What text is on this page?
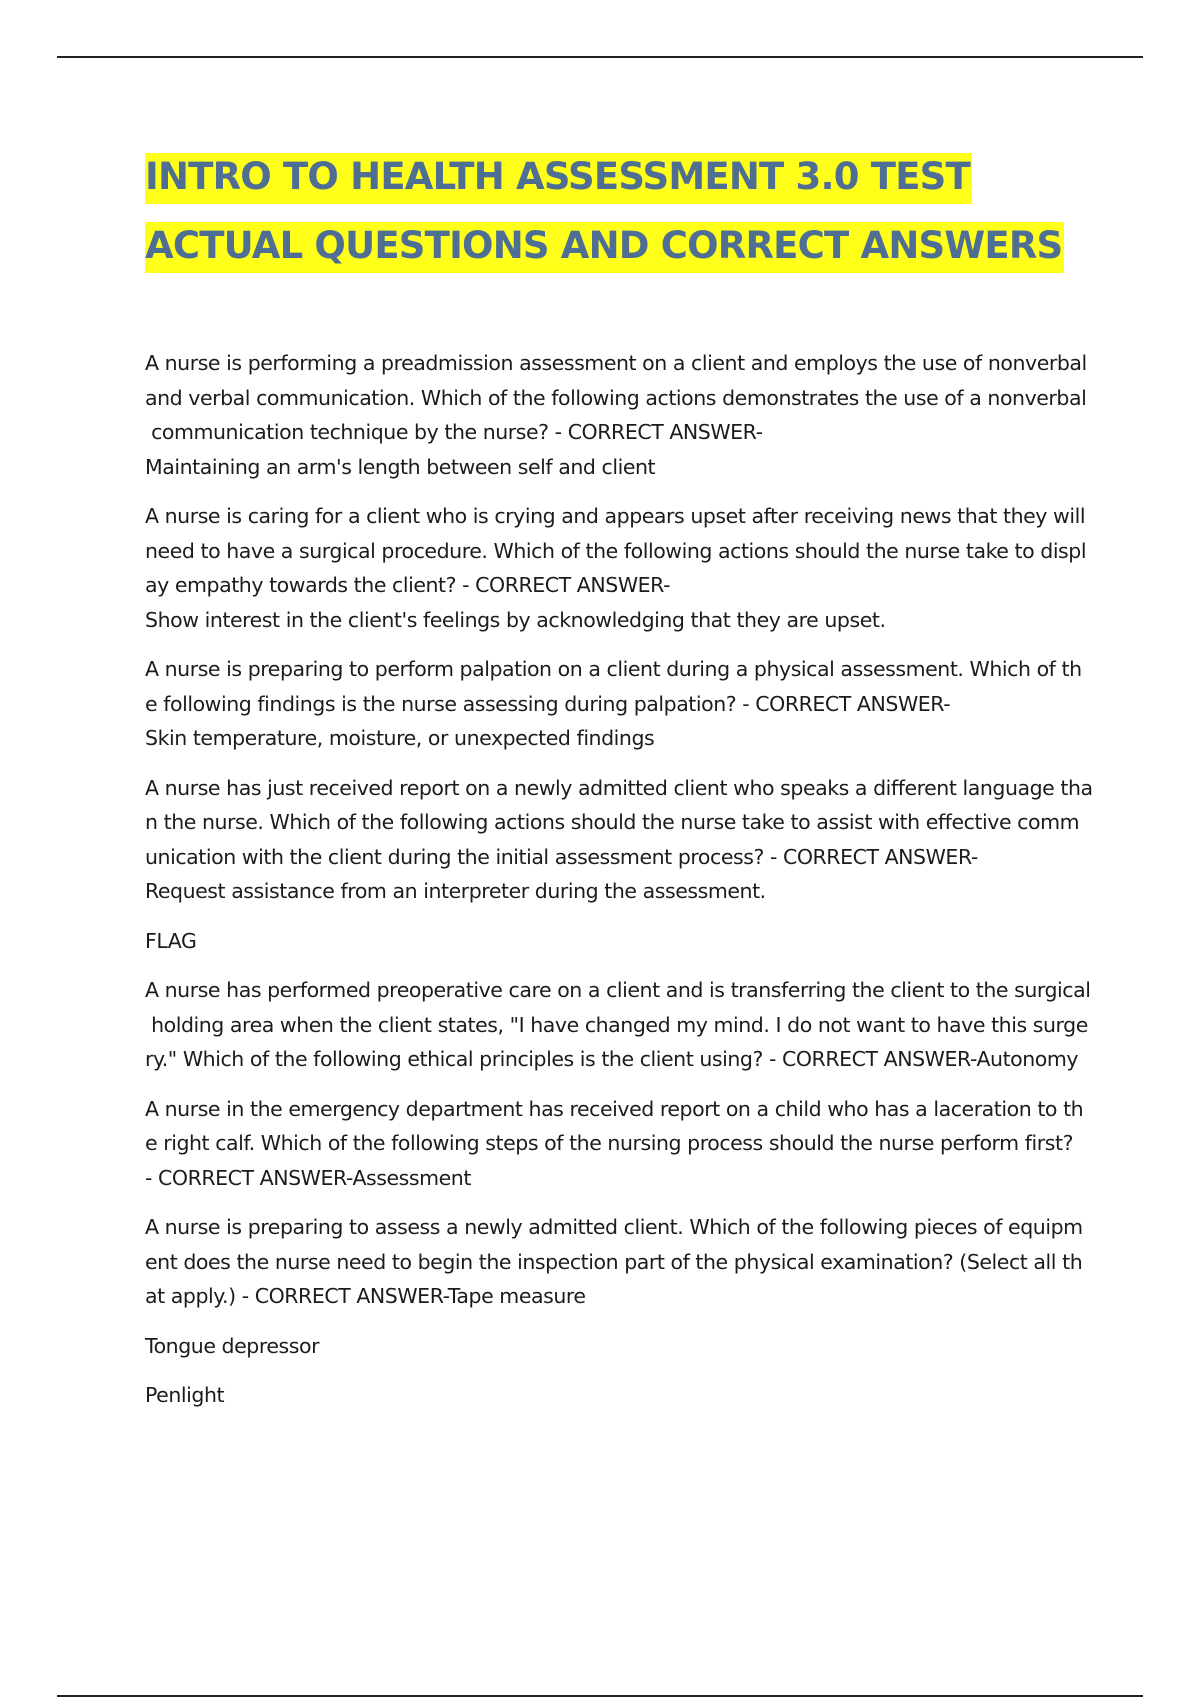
INTRO TO HEALTH ASSESSMENT 3.0 TEST
ACTUAL QUESTIONS AND CORRECT ANSWERS

A nurse is performing a preadmission assessment on a client and employs the use of nonverbal
and verbal communication. Which of the following actions demonstrates the use of a nonverbal
communication technique by the nurse? - CORRECT ANSWER-
Maintaining an arm's length between self and client

A nurse is caring for a client who is crying and appears upset after receiving news that they will
need to have a surgical procedure. Which of the following actions should the nurse take to displ
ay empathy towards the client? - CORRECT ANSWER-
Show interest in the client's feelings by acknowledging that they are upset.

A nurse is preparing to perform palpation on a client during a physical assessment. Which of th
e following findings is the nurse assessing during palpation? - CORRECT ANSWER-
Skin temperature, moisture, or unexpected findings

A nurse has just received report on a newly admitted client who speaks a different language tha
n the nurse. Which of the following actions should the nurse take to assist with effective comm
unication with the client during the initial assessment process? - CORRECT ANSWER-
Request assistance from an interpreter during the assessment.

FLAG

A nurse has performed preoperative care on a client and is transferring the client to the surgical
holding area when the client states, "I have changed my mind. I do not want to have this surge
ry." Which of the following ethical principles is the client using? - CORRECT ANSWER-Autonomy

A nurse in the emergency department has received report on a child who has a laceration to th
e right calf. Which of the following steps of the nursing process should the nurse perform first?
- CORRECT ANSWER-Assessment

A nurse is preparing to assess a newly admitted client. Which of the following pieces of equipm
ent does the nurse need to begin the inspection part of the physical examination? (Select all th
at apply.) - CORRECT ANSWER-Tape measure

Tongue depressor

Penlight
